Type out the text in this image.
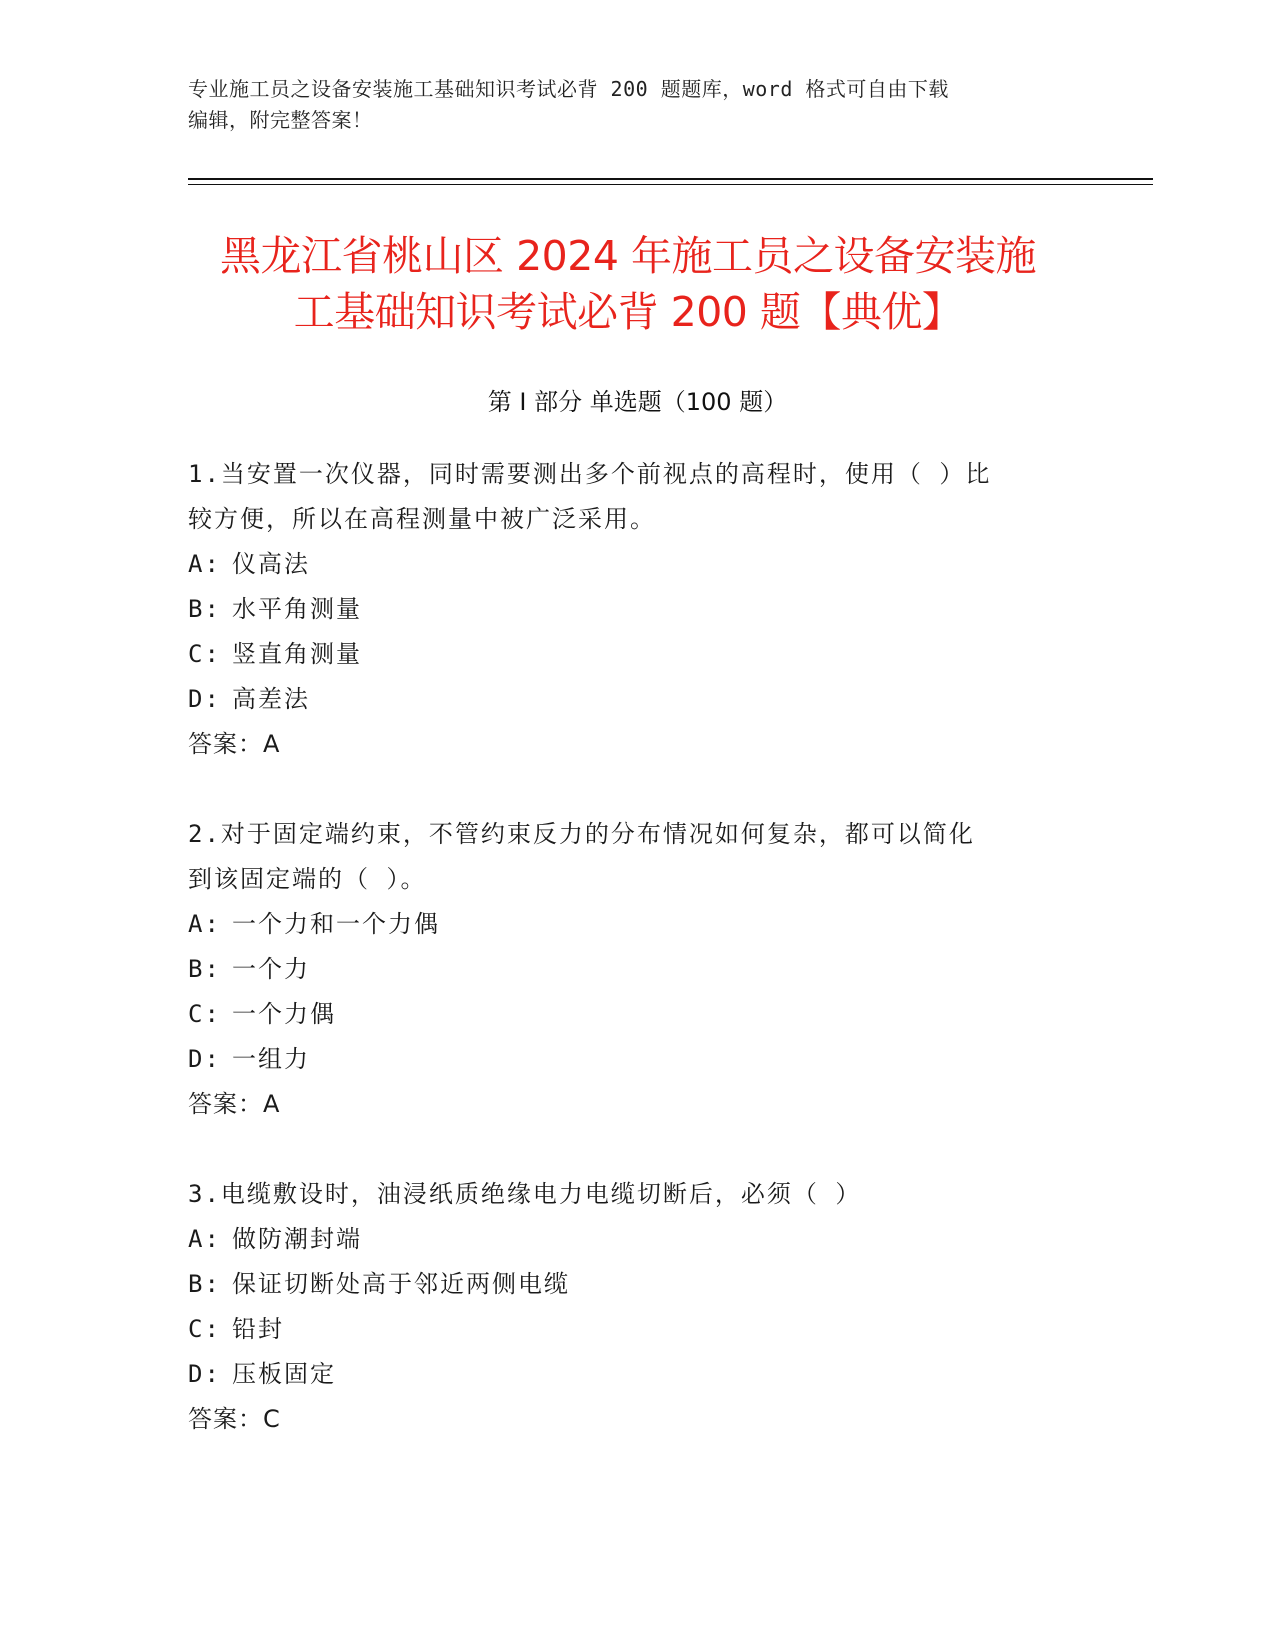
专业施工员之设备安装施工基础知识考试必背 200 题题库，word 格式可自由下载
编辑，附完整答案！
黑龙江省桃山区 2024 年施工员之设备安装施
工基础知识考试必背 200 题【典优】
第 I 部分 单选题（100 题）
1.当安置一次仪器，同时需要测出多个前视点的高程时，使用（ ）比
较方便，所以在高程测量中被广泛采用。
A: 仪高法
B: 水平角测量
C: 竖直角测量
D: 高差法
答案：A
2.对于固定端约束，不管约束反力的分布情况如何复杂，都可以简化
到该固定端的（ ）。
A: 一个力和一个力偶
B: 一个力
C: 一个力偶
D: 一组力
答案：A
3.电缆敷设时，油浸纸质绝缘电力电缆切断后，必须（ ）
A: 做防潮封端
B: 保证切断处高于邻近两侧电缆
C: 铅封
D: 压板固定
答案：C
